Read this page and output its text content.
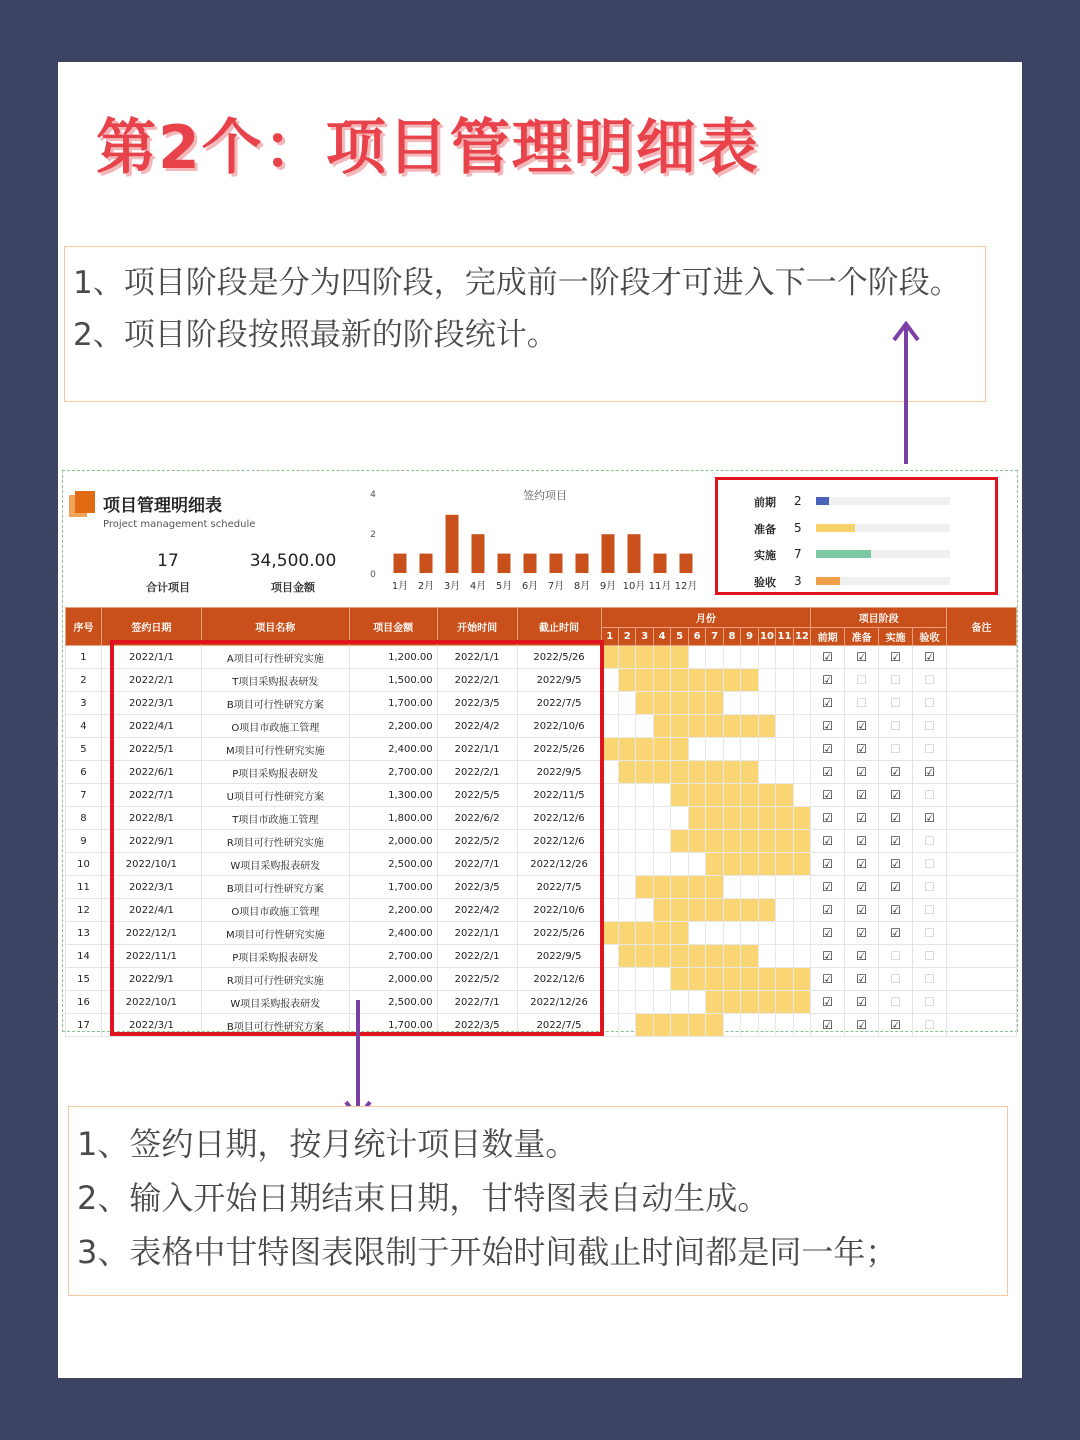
第2个：项目管理明细表

1、项目阶段是分为四阶段，完成前一阶段才可进入下一个阶段。

2、项目阶段按照最新的阶段统计。

项目管理明细表
Project management schedule
17
合计项目
34,500.00
项目金额
签约项目
0
2
4
1月 2月 3月 4月 5月 6月 7月 8月 9月 10月 11月 12月
前期 2
准备 5
实施 7
验收 3
序号	签约日期	项目名称	项目金额	开始时间	截止时间	月份												项目阶段				备注
						1	2	3	4	5	6	7	8	9	10	11	12	前期	准备	实施	验收	
1	2022/1/1	A项目可行性研究实施	1,200.00	2022/1/1	2022/5/26													☑	☑	☑	☑	
2	2022/2/1	T项目采购报表研发	1,500.00	2022/2/1	2022/9/5													☑	☐	☐	☐	
3	2022/3/1	B项目可行性研究方案	1,700.00	2022/3/5	2022/7/5													☑	☐	☐	☐	
4	2022/4/1	O项目市政施工管理	2,200.00	2022/4/2	2022/10/6													☑	☑	☐	☐	
5	2022/5/1	M项目可行性研究实施	2,400.00	2022/1/1	2022/5/26													☑	☑	☐	☐	
6	2022/6/1	P项目采购报表研发	2,700.00	2022/2/1	2022/9/5													☑	☑	☑	☑	
7	2022/7/1	U项目可行性研究方案	1,300.00	2022/5/5	2022/11/5													☑	☑	☑	☐	
8	2022/8/1	T项目市政施工管理	1,800.00	2022/6/2	2022/12/6													☑	☑	☑	☑	
9	2022/9/1	R项目可行性研究实施	2,000.00	2022/5/2	2022/12/6													☑	☑	☑	☐	
10	2022/10/1	W项目采购报表研发	2,500.00	2022/7/1	2022/12/26													☑	☑	☑	☐	
11	2022/3/1	B项目可行性研究方案	1,700.00	2022/3/5	2022/7/5													☑	☑	☑	☐	
12	2022/4/1	O项目市政施工管理	2,200.00	2022/4/2	2022/10/6													☑	☑	☑	☐	
13	2022/12/1	M项目可行性研究实施	2,400.00	2022/1/1	2022/5/26													☑	☑	☑	☐	
14	2022/11/1	P项目采购报表研发	2,700.00	2022/2/1	2022/9/5													☑	☑	☐	☐	
15	2022/9/1	R项目可行性研究实施	2,000.00	2022/5/2	2022/12/6													☑	☑	☐	☐	
16	2022/10/1	W项目采购报表研发	2,500.00	2022/7/1	2022/12/26													☑	☑	☐	☐	
17	2022/3/1	B项目可行性研究方案	1,700.00	2022/3/5	2022/7/5													☑	☑	☑	☐	

1、签约日期，按月统计项目数量。

2、输入开始日期结束日期，甘特图表自动生成。

3、表格中甘特图表限制于开始时间截止时间都是同一年；
